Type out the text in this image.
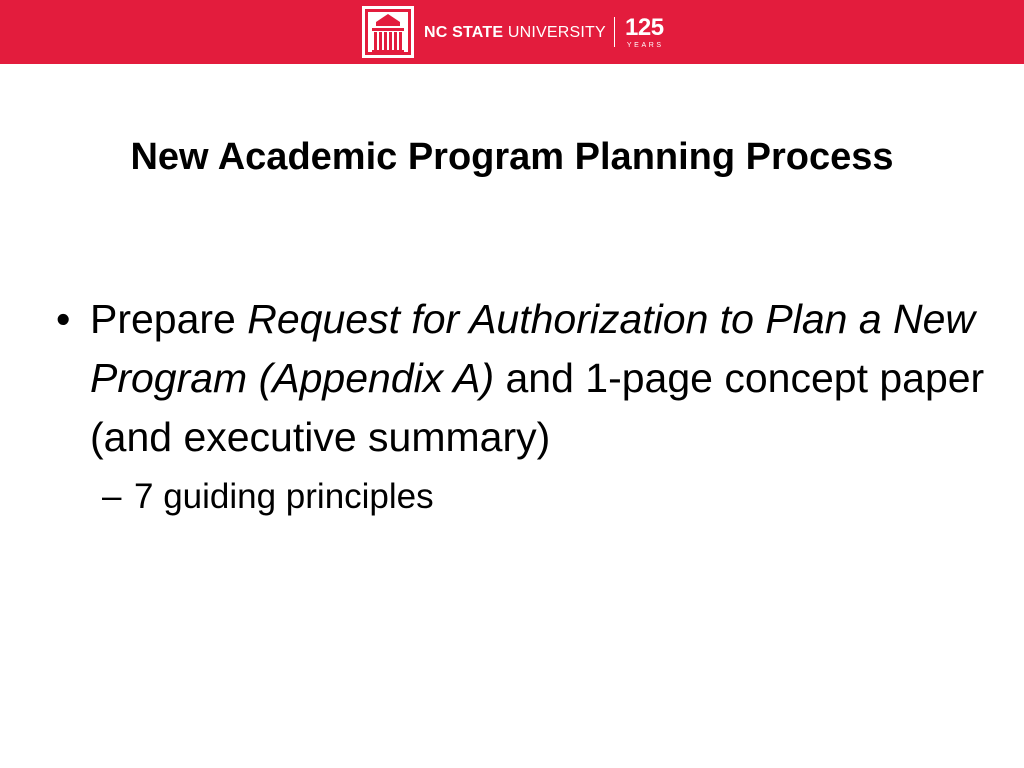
NC STATE UNIVERSITY 125
YEARS
New Academic Program Planning Process
• Prepare Request for Authorization to Plan a New Program (Appendix A) and 1-page concept paper (and executive summary)
– 7 guiding principles
